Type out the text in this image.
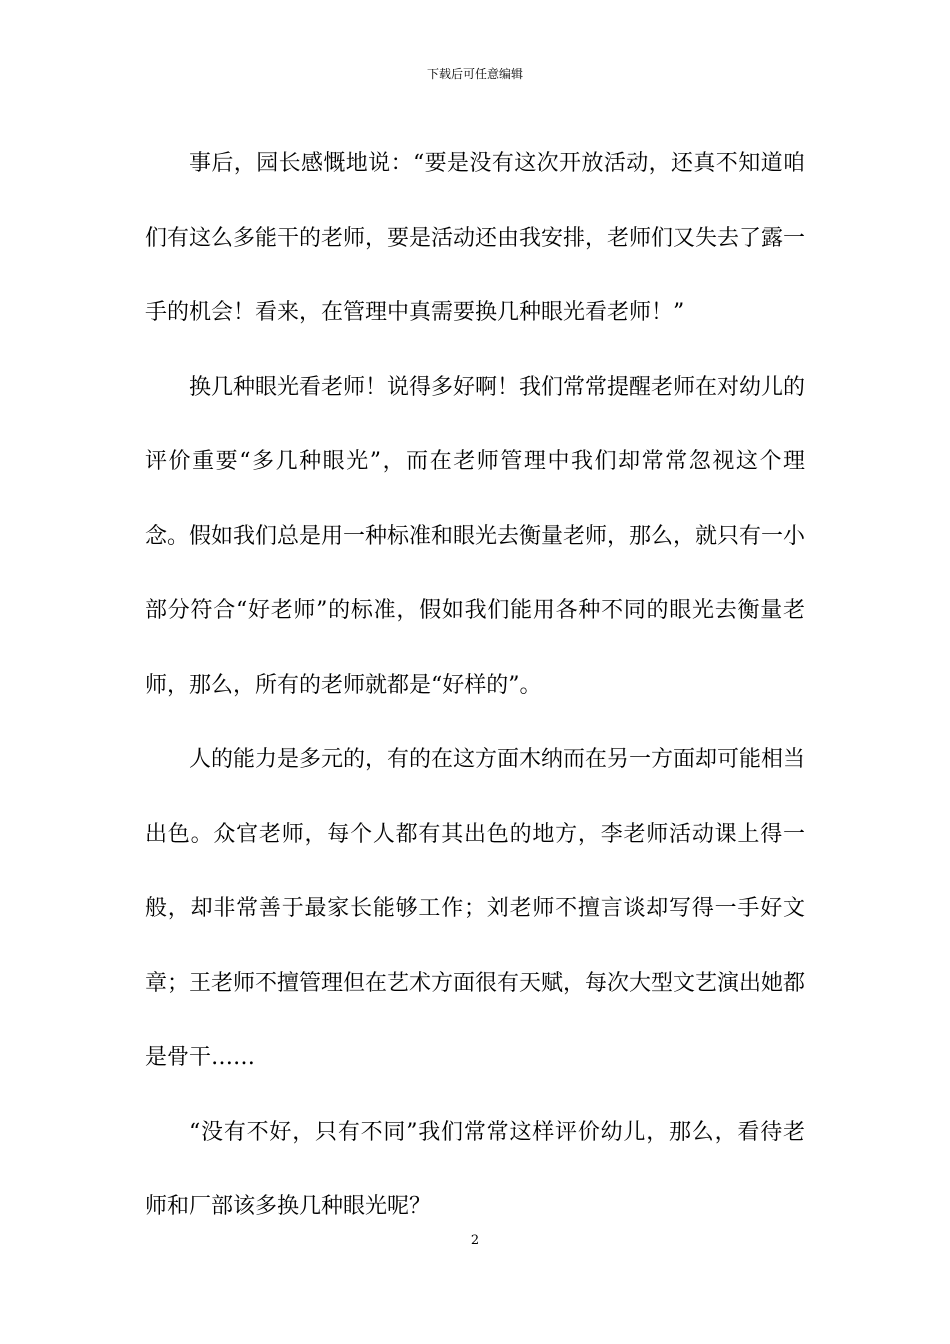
下载后可任意编辑

事后，园长感慨地说：“要是没有这次开放活动，还真不知道咱们有这么多能干的老师，要是活动还由我安排，老师们又失去了露一手的机会！看来，在管理中真需要换几种眼光看老师！”

换几种眼光看老师！说得多好啊！我们常常提醒老师在对幼儿的评价重要“多几种眼光”，而在老师管理中我们却常常忽视这个理念。假如我们总是用一种标准和眼光去衡量老师，那么，就只有一小部分符合“好老师”的标准，假如我们能用各种不同的眼光去衡量老师，那么，所有的老师就都是“好样的”。

人的能力是多元的，有的在这方面木纳而在另一方面却可能相当出色。众官老师，每个人都有其出色的地方，李老师活动课上得一般，却非常善于最家长能够工作；刘老师不擅言谈却写得一手好文章；王老师不擅管理但在艺术方面很有天赋，每次大型文艺演出她都是骨干……

“没有不好，只有不同”我们常常这样评价幼儿，那么，看待老师和厂部该多换几种眼光呢？

2
